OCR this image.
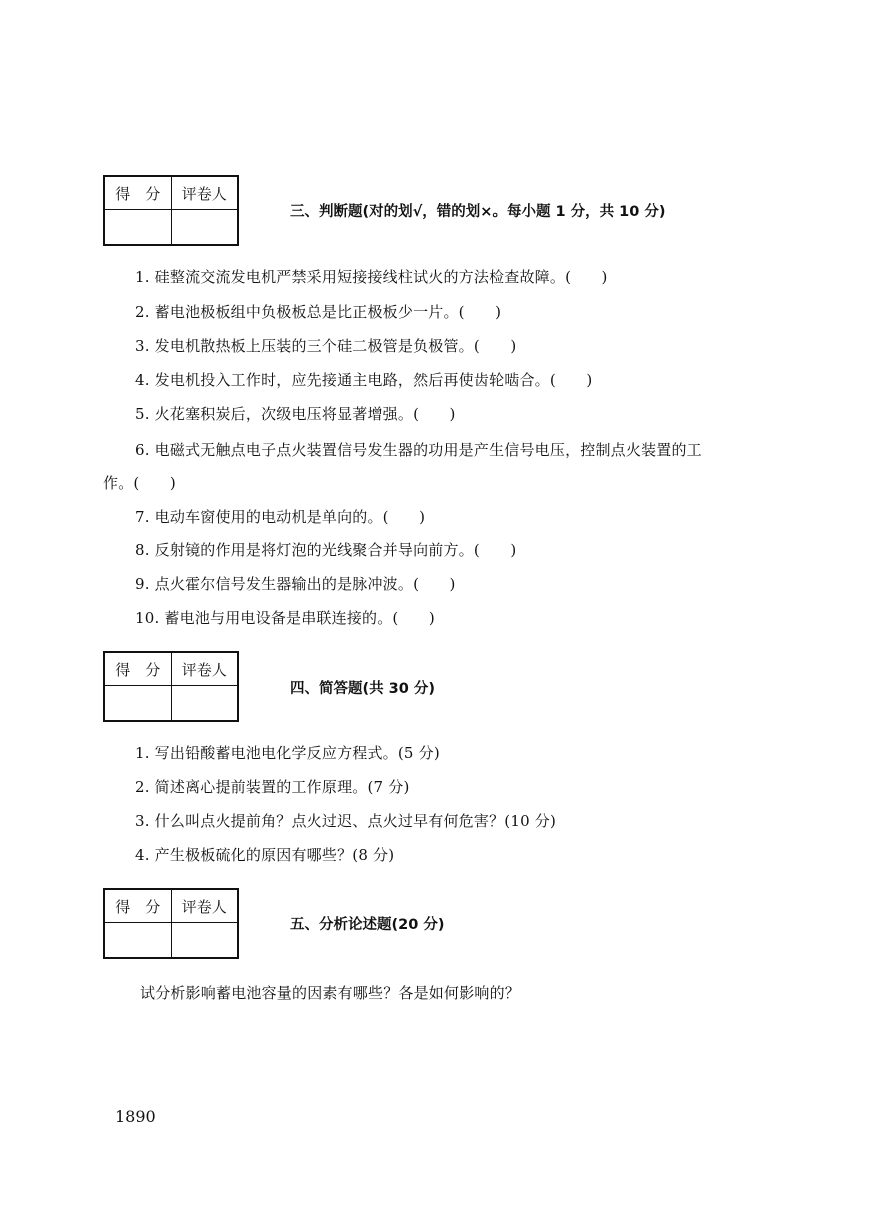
得　分	评卷人

三、判断题(对的划√，错的划×。每小题 1 分，共 10 分)
1. 硅整流交流发电机严禁采用短接接线柱试火的方法检查故障。(　　)
2. 蓄电池极板组中负极板总是比正极板少一片。(　　)
3. 发电机散热板上压装的三个硅二极管是负极管。(　　)
4. 发电机投入工作时，应先接通主电路，然后再使齿轮啮合。(　　)
5. 火花塞积炭后，次级电压将显著增强。(　　)
6. 电磁式无触点电子点火装置信号发生器的功用是产生信号电压，控制点火装置的工
作。(　　)
7. 电动车窗使用的电动机是单向的。(　　)
8. 反射镜的作用是将灯泡的光线聚合并导向前方。(　　)
9. 点火霍尔信号发生器输出的是脉冲波。(　　)
10. 蓄电池与用电设备是串联连接的。(　　)
得　分	评卷人

四、简答题(共 30 分)
1. 写出铅酸蓄电池电化学反应方程式。(5 分)
2. 简述离心提前装置的工作原理。(7 分)
3. 什么叫点火提前角？点火过迟、点火过早有何危害？(10 分)
4. 产生极板硫化的原因有哪些？(8 分)
得　分	评卷人

五、分析论述题(20 分)
试分析影响蓄电池容量的因素有哪些？各是如何影响的？
1890
